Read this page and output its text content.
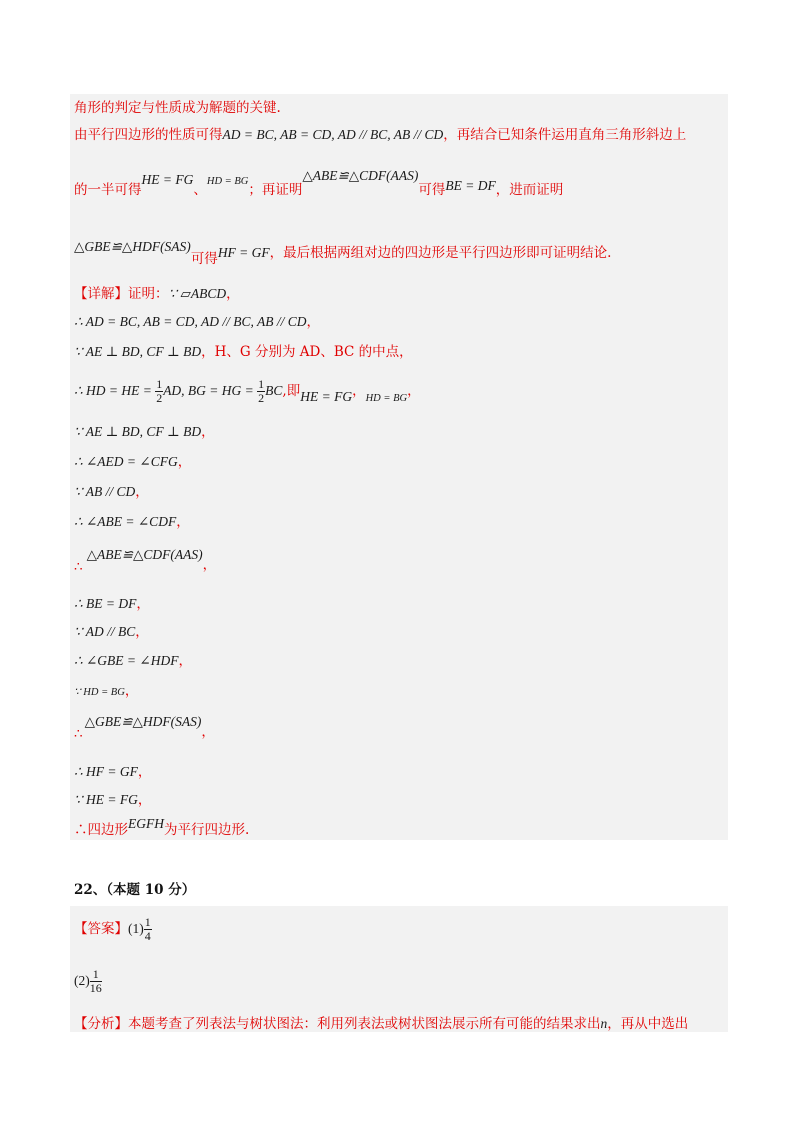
角形的判定与性质成为解题的关键.
由平行四边形的性质可得AD = BC, AB = CD, AD // BC, AB // CD，再结合已知条件运用直角三角形斜边上
的一半可得HE = FG、$^{HD = BG}$；再证明△ABE≌△CDF(AAS)可得BE = DF，进而证明
△GBE≌△HDF(SAS)可得HF = GF，最后根据两组对边的四边形是平行四边形即可证明结论.
【详解】证明：∵ ▱ABCD，
∴ AD = BC, AB = CD, AD // BC, AB // CD，
∵ AE ⊥ BD, CF ⊥ BD，H、G 分别为 AD、BC 的中点，
∴ HD = HE = $\frac{1}{2}$ AD, BG = HG = $\frac{1}{2}$ BC,即HE = FG，$_{HD = BG}$，
∵ AE ⊥ BD, CF ⊥ BD，
∴ ∠AED = ∠CFG，
∵ AB // CD，
∴ ∠ABE = ∠CDF，
∴△ABE≌△CDF(AAS)，
∴ BE = DF，
∵ AD // BC，
∴ ∠GBE = ∠HDF，
∵ HD = BG，
∴△GBE≌△HDF(SAS)，
∴ HF = GF，
∵ HE = FG，
∴四边形EGFH为平行四边形.
22、（本题 10 分）
【答案】$(1) \frac{1}{4}$
$(2) \frac{1}{16}$
【分析】本题考查了列表法与树状图法：利用列表法或树状图法展示所有可能的结果求出n，再从中选出
